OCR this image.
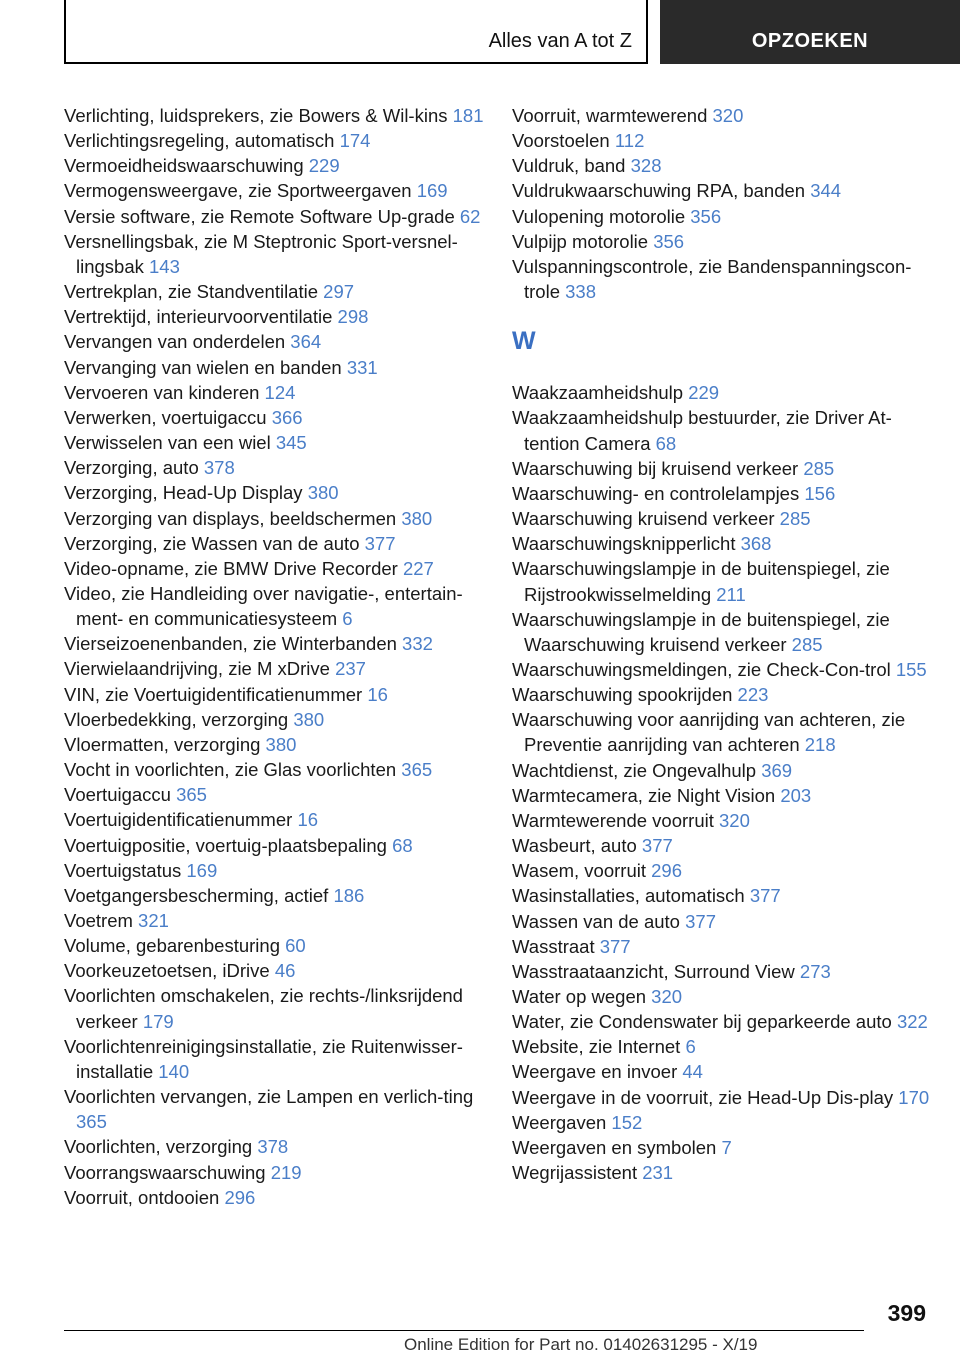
Alles van A tot Z	OPZOEKEN
Verlichting, luidsprekers, zie Bowers & Wil-kins 181
Verlichtingsregeling, automatisch 174
Vermoeidheidswaarschuwing 229
Vermogensweergave, zie Sportweergaven 169
Versie software, zie Remote Software Up-grade 62
Versnellingsbak, zie M Steptronic Sport-versnel-lingsbak 143
Vertrekplan, zie Standventilatie 297
Vertrektijd, interieurvoorventilatie 298
Vervangen van onderdelen 364
Vervanging van wielen en banden 331
Vervoeren van kinderen 124
Verwerken, voertuigaccu 366
Verwisselen van een wiel 345
Verzorging, auto 378
Verzorging, Head-Up Display 380
Verzorging van displays, beeldschermen 380
Verzorging, zie Wassen van de auto 377
Video-opname, zie BMW Drive Recorder 227
Video, zie Handleiding over navigatie-, entertain-ment- en communicatiesysteem 6
Vierseizoenenbanden, zie Winterbanden 332
Vierwielaandrijving, zie M xDrive 237
VIN, zie Voertuigidentificatienummer 16
Vloerbedekking, verzorging 380
Vloermatten, verzorging 380
Vocht in voorlichten, zie Glas voorlichten 365
Voertuigaccu 365
Voertuigidentificatienummer 16
Voertuigpositie, voertuig-plaatsbepaling 68
Voertuigstatus 169
Voetgangersbescherming, actief 186
Voetrem 321
Volume, gebarenbesturing 60
Voorkeuzetoetsen, iDrive 46
Voorlichten omschakelen, zie rechts-/linksrijdend verkeer 179
Voorlichtenreinigingsinstallatie, zie Ruitenwisser-installatie 140
Voorlichten vervangen, zie Lampen en verlich-ting 365
Voorlichten, verzorging 378
Voorrangswaarschuwing 219
Voorruit, ontdooien 296
Voorruit, warmtewerend 320
Voorstoelen 112
Vuldruk, band 328
Vuldrukwaarschuwing RPA, banden 344
Vulopening motorolie 356
Vulpijp motorolie 356
Vulspanningscontrole, zie Bandenspanningscon-trole 338
W
Waakzaamheidshulp 229
Waakzaamheidshulp bestuurder, zie Driver At-tention Camera 68
Waarschuwing bij kruisend verkeer 285
Waarschuwing- en controlelampjes 156
Waarschuwing kruisend verkeer 285
Waarschuwingsknipperlicht 368
Waarschuwingslampje in de buitenspiegel, zie Rijstrookwisselmelding 211
Waarschuwingslampje in de buitenspiegel, zie Waarschuwing kruisend verkeer 285
Waarschuwingsmeldingen, zie Check-Con-trol 155
Waarschuwing spookrijden 223
Waarschuwing voor aanrijding van achteren, zie Preventie aanrijding van achteren 218
Wachtdienst, zie Ongevalhulp 369
Warmtecamera, zie Night Vision 203
Warmtewerende voorruit 320
Wasbeurt, auto 377
Wasem, voorruit 296
Wasinstallaties, automatisch 377
Wassen van de auto 377
Wasstraat 377
Wasstraataanzicht, Surround View 273
Water op wegen 320
Water, zie Condenswater bij geparkeerde auto 322
Website, zie Internet 6
Weergave en invoer 44
Weergave in de voorruit, zie Head-Up Dis-play 170
Weergaven 152
Weergaven en symbolen 7
Wegrijassistent 231
399
Online Edition for Part no. 01402631295 - X/19
